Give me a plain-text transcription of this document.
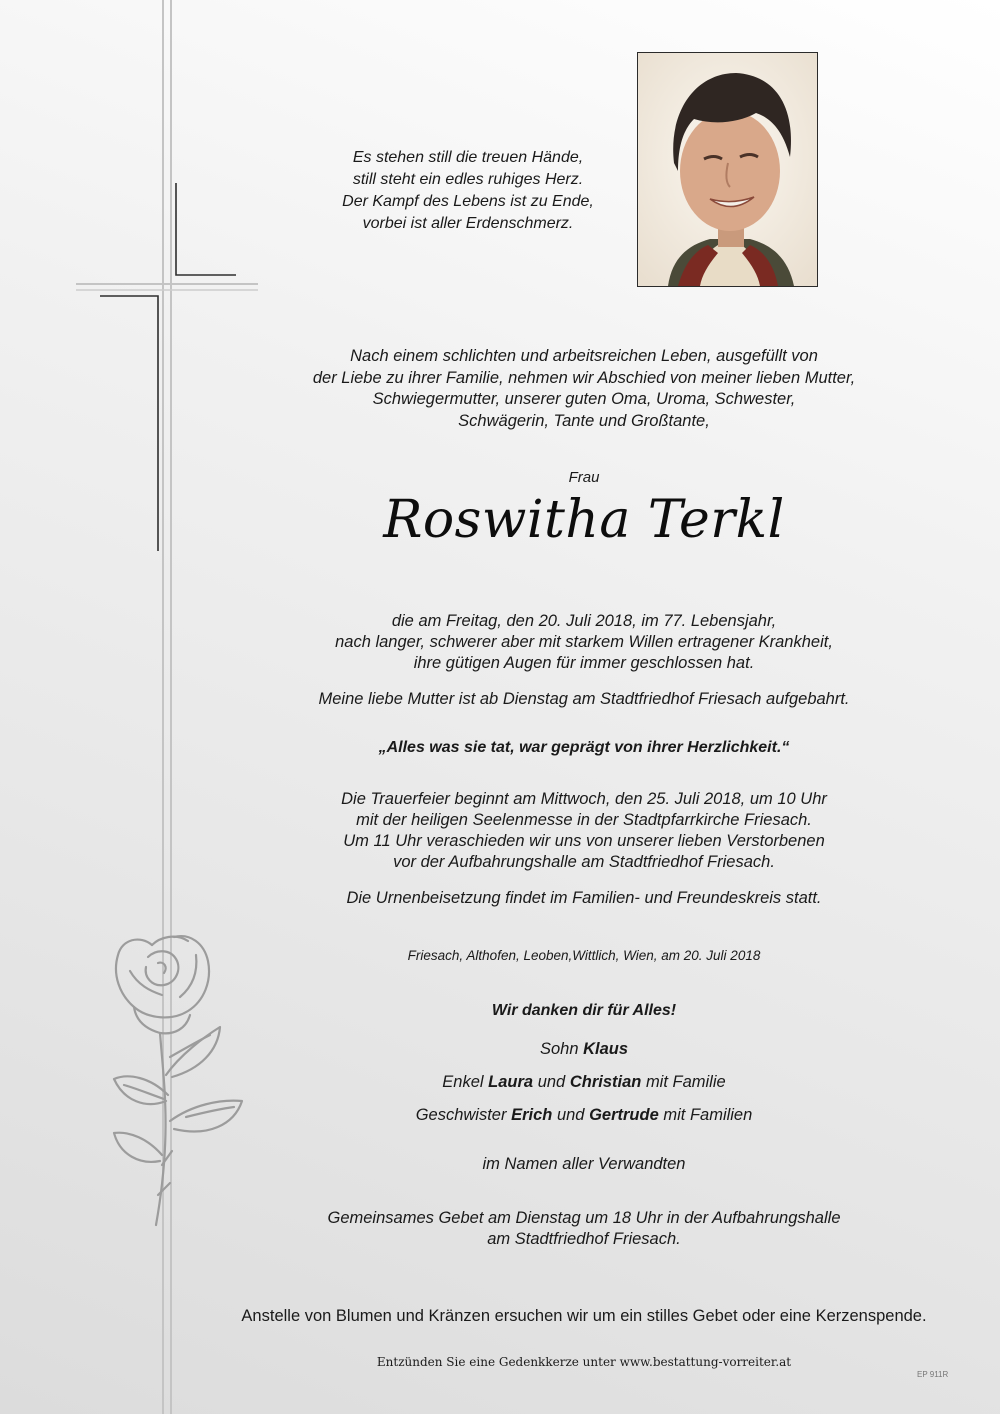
Es stehen still die treuen Hände,
still steht ein edles ruhiges Herz.
Der Kampf des Lebens ist zu Ende,
vorbei ist aller Erdenschmerz.
Nach einem schlichten und arbeitsreichen Leben, ausgefüllt von
der Liebe zu ihrer Familie, nehmen wir Abschied von meiner lieben Mutter,
Schwiegermutter, unserer guten Oma, Uroma, Schwester,
Schwägerin, Tante und Großtante,
Frau
Roswitha Terkl
die am Freitag, den 20. Juli 2018, im 77. Lebensjahr,
nach langer, schwerer aber mit starkem Willen ertragener Krankheit,
ihre gütigen Augen für immer geschlossen hat.
Meine liebe Mutter ist ab Dienstag am Stadtfriedhof Friesach aufgebahrt.
„Alles was sie tat, war geprägt von ihrer Herzlichkeit.“
Die Trauerfeier beginnt am Mittwoch, den 25. Juli 2018, um 10 Uhr
mit der heiligen Seelenmesse in der Stadtpfarrkirche Friesach.
Um 11 Uhr veraschieden wir uns von unserer lieben Verstorbenen
vor der Aufbahrungshalle am Stadtfriedhof Friesach.
Die Urnenbeisetzung findet im Familien- und Freundeskreis statt.
Friesach, Althofen, Leoben,Wittlich, Wien, am 20. Juli 2018
Wir danken dir für Alles!
Sohn Klaus
Enkel Laura und Christian mit Familie
Geschwister Erich und Gertrude mit Familien
im Namen aller Verwandten
Gemeinsames Gebet am Dienstag um 18 Uhr in der Aufbahrungshalle
am Stadtfriedhof Friesach.
Anstelle von Blumen und Kränzen ersuchen wir um ein stilles Gebet oder eine Kerzenspende.
Entzünden Sie eine Gedenkkerze unter www.bestattung-vorreiter.at
EP 911R
